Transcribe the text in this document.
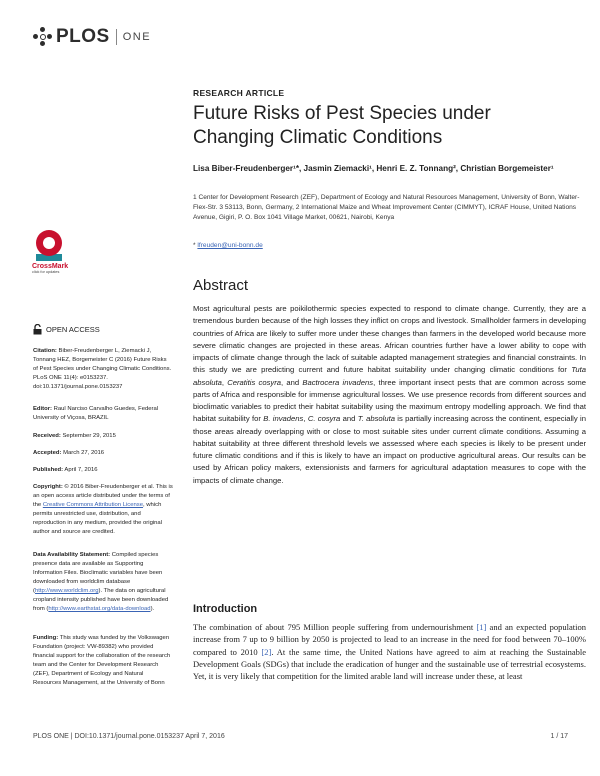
PLOS ONE
RESEARCH ARTICLE
Future Risks of Pest Species under Changing Climatic Conditions
Lisa Biber-Freudenberger¹*, Jasmin Ziemacki¹, Henri E. Z. Tonnang², Christian Borgemeister¹
1 Center for Development Research (ZEF), Department of Ecology and Natural Resources Management, University of Bonn, Walter-Flex-Str. 3 53113, Bonn, Germany, 2 International Maize and Wheat Improvement Center (CIMMYT), ICRAF House, United Nations Avenue, Gigiri, P. O. Box 1041 Village Market, 00621, Nairobi, Kenya
* lfreuden@uni-bonn.de
CrossMark
click for updates
Abstract

Most agricultural pests are poikilothermic species expected to respond to climate change. Currently, they are a tremendous burden because of the high losses they inflict on crops and livestock. Smallholder farmers in developing countries of Africa are likely to suffer more under these changes than farmers in the developed world because more severe climatic changes are projected in these areas. African countries further have a lower ability to cope with impacts of climate change through the lack of suitable adapted management strategies and financial constraints. In this study we are predicting current and future habitat suitability under changing climatic conditions for Tuta absoluta, Ceratitis cosyra, and Bactrocera invadens, three important insect pests that are common across some parts of Africa and responsible for immense agricultural losses. We use presence records from different sources and bioclimatic variables to predict their habitat suitability using the maximum entropy modelling approach. We find that habitat suitability for B. invadens, C. cosyra and T. absoluta is partially increasing across the continent, especially in those areas already overlapping with or close to most suitable sites under current climate conditions. Assuming a habitat suitability at three different threshold levels we assessed where each species is likely to be present under future climatic conditions and if this is likely to have an impact on productive agricultural areas. Our results can be used by African policy makers, extensionists and farmers for agricultural adaptation measures to cope with the impacts of climate change.

Introduction
The combination of about 795 Million people suffering from undernourishment [1] and an expected population increase from 7 up to 9 billion by 2050 is projected to lead to an increase in the need for food between 70–100% compared to 2010 [2]. At the same time, the United Nations have agreed to aim at reaching the Sustainable Development Goals (SDGs) that include the eradication of hunger and the sustainable use of terrestrial ecosystems. Yet, it is very likely that competition for the limited arable land will increase under these, at least
OPEN ACCESS
Citation: Biber-Freudenberger L, Ziemacki J, Tonnang HEZ, Borgemeister C (2016) Future Risks of Pest Species under Changing Climatic Conditions. PLoS ONE 11(4): e0153237. doi:10.1371/journal.pone.0153237
Editor: Raul Narciso Carvalho Guedes, Federal University of Viçosa, BRAZIL
Received: September 29, 2015
Accepted: March 27, 2016
Published: April 7, 2016
Copyright: © 2016 Biber-Freudenberger et al. This is an open access article distributed under the terms of the Creative Commons Attribution License, which permits unrestricted use, distribution, and reproduction in any medium, provided the original author and source are credited.
Data Availability Statement: Compiled species presence data are available as Supporting Information Files. Bioclimatic variables have been downloaded from worldclim database (http://www.worldclim.org). The data on agricultural cropland intensity published have been downloaded from (http://www.earthstat.org/data-download).
Funding: This study was funded by the Volkswagen Foundation (project: VW-89382) who provided financial support for the collaboration of the research team and the Center for Development Research (ZEF), Department of Ecology and Natural Resources Management, at the University of Bonn
PLOS ONE | DOI:10.1371/journal.pone.0153237 April 7, 2016	1 / 17
